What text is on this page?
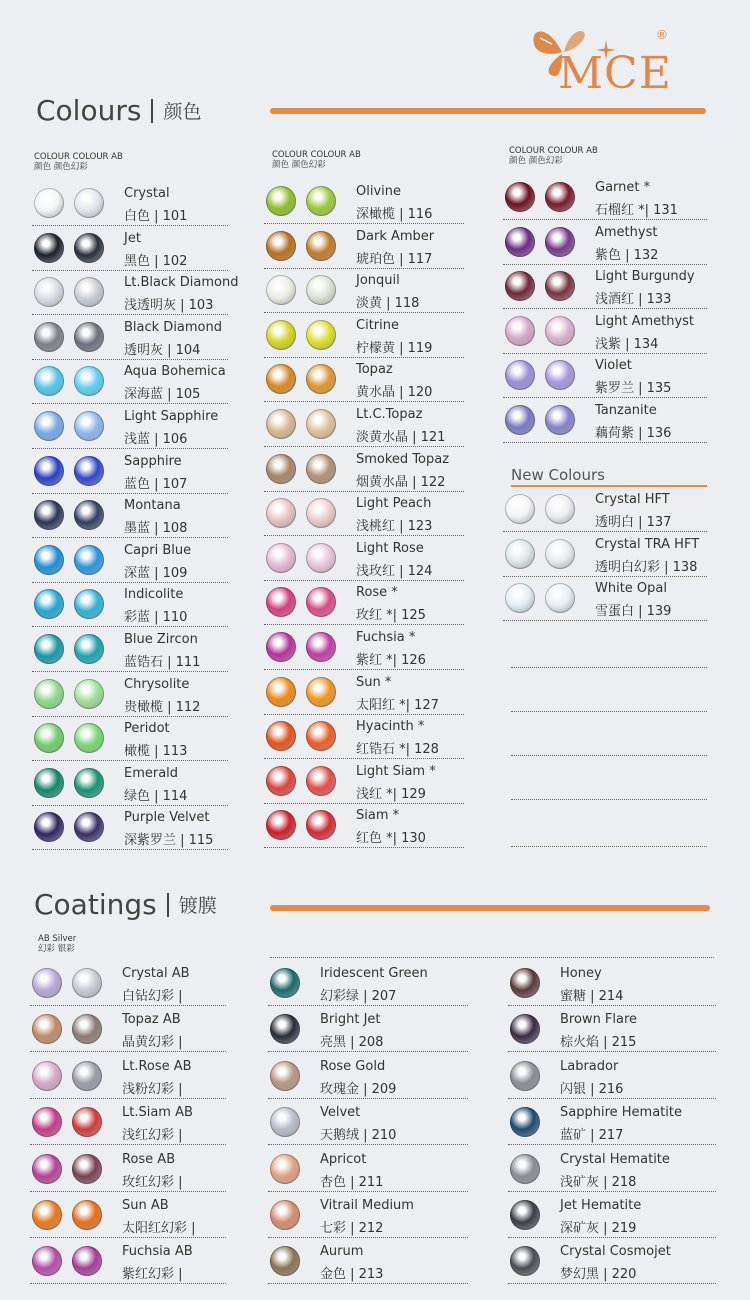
MCE
®
Colours 颜色
COLOUR COLOUR AB
颜色 颜色幻彩
COLOUR COLOUR AB
颜色 颜色幻彩
COLOUR COLOUR AB
颜色 颜色幻彩
Crystal
白色 | 101
Jet
黑色 | 102
Lt.Black Diamond
浅透明灰 | 103
Black Diamond
透明灰 | 104
Aqua Bohemica
深海蓝 | 105
Light Sapphire
浅蓝 | 106
Sapphire
蓝色 | 107
Montana
墨蓝 | 108
Capri Blue
深蓝 | 109
Indicolite
彩蓝 | 110
Blue Zircon
蓝锆石 | 111
Chrysolite
贵橄榄 | 112
Peridot
橄榄 | 113
Emerald
绿色 | 114
Purple Velvet
深紫罗兰 | 115
Olivine
深橄榄 | 116
Dark Amber
琥珀色 | 117
Jonquil
淡黄 | 118
Citrine
柠檬黄 | 119
Topaz
黄水晶 | 120
Lt.C.Topaz
淡黄水晶 | 121
Smoked Topaz
烟黄水晶 | 122
Light Peach
浅桃红 | 123
Light Rose
浅玫红 | 124
Rose *
玫红 *| 125
Fuchsia *
紫红 *| 126
Sun *
太阳红 *| 127
Hyacinth *
红锆石 *| 128
Light Siam *
浅红 *| 129
Siam *
红色 *| 130
Garnet *
石榴红 *| 131
Amethyst
紫色 | 132
Light Burgundy
浅酒红 | 133
Light Amethyst
浅紫 | 134
Violet
紫罗兰 | 135
Tanzanite
藕荷紫 | 136
New Colours
Crystal HFT
透明白 | 137
Crystal TRA HFT
透明白幻彩 | 138
White Opal
雪蛋白 | 139
Coatings 镀膜
AB Silver
幻彩 银彩
Crystal AB
白钻幻彩 |
Topaz AB
晶黄幻彩 |
Lt.Rose AB
浅粉幻彩 |
Lt.Siam AB
浅红幻彩 |
Rose AB
玫红幻彩 |
Sun AB
太阳红幻彩 |
Fuchsia AB
紫红幻彩 |
Iridescent Green
幻彩绿 | 207
Bright Jet
亮黑 | 208
Rose Gold
玫瑰金 | 209
Velvet
天鹅绒 | 210
Apricot
杏色 | 211
Vitrail Medium
七彩 | 212
Aurum
金色 | 213
Honey
蜜糖 | 214
Brown Flare
棕火焰 | 215
Labrador
闪银 | 216
Sapphire Hematite
蓝矿 | 217
Crystal Hematite
浅矿灰 | 218
Jet Hematite
深矿灰 | 219
Crystal Cosmojet
梦幻黑 | 220
